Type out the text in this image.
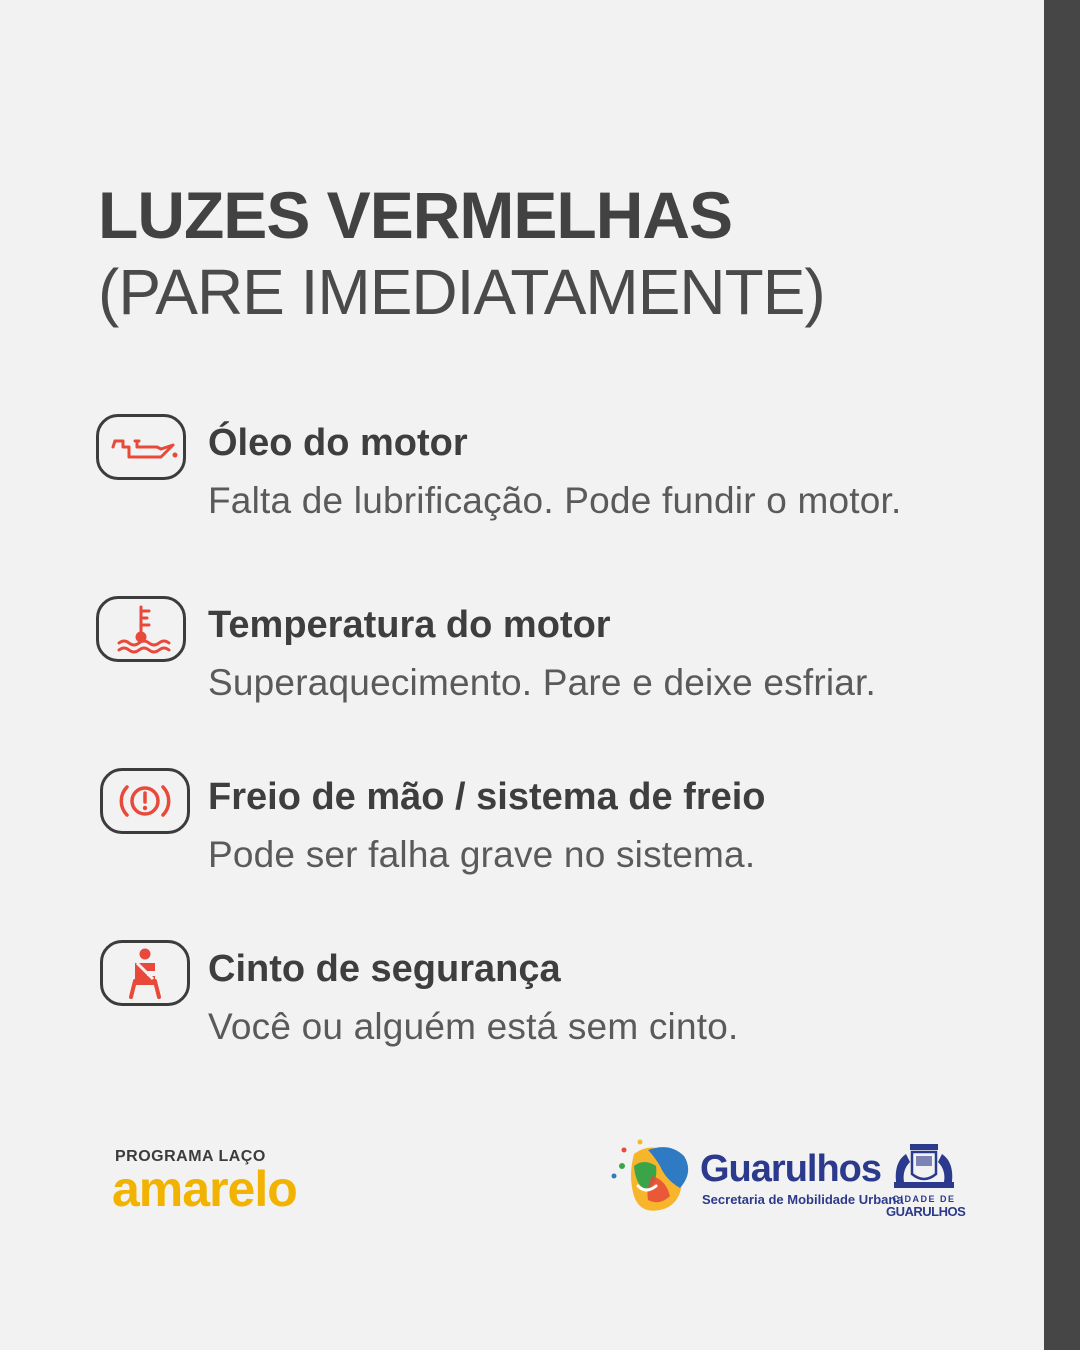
LUZES VERMELHAS
(PARE IMEDIATAMENTE)
Óleo do motor
Falta de lubrificação. Pode fundir o motor.
Temperatura do motor
Superaquecimento. Pare e deixe esfriar.
Freio de mão / sistema de freio
Pode ser falha grave no sistema.
Cinto de segurança
Você ou alguém está sem cinto.
PROGRAMA LAÇO
amarelo	Guarulhos
Secretaria de Mobilidade Urbana
CIDADE DE
GUARULHOS
